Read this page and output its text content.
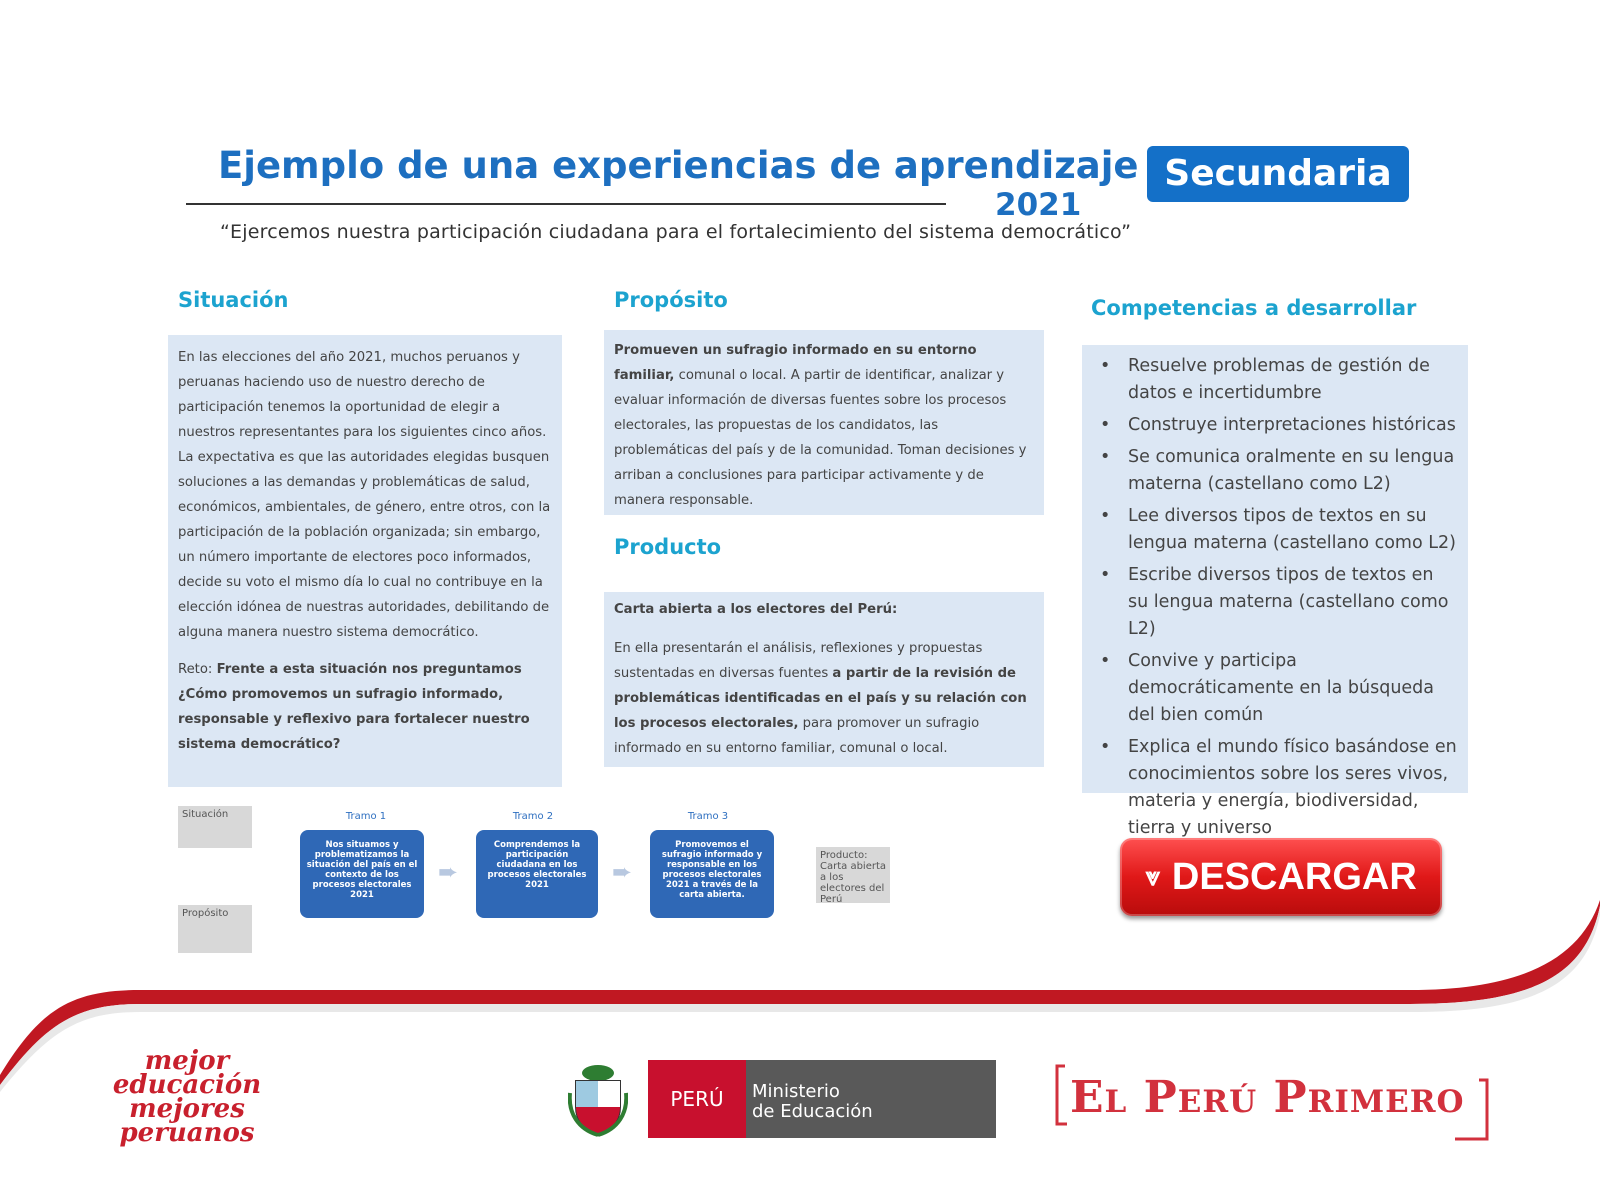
Ejemplo de una experiencias de aprendizaje
2021
Secundaria
“Ejercemos nuestra participación ciudadana para el fortalecimiento del sistema democrático”
Situación

En las elecciones del año 2021, muchos peruanos y peruanas haciendo uso de nuestro derecho de participación tenemos la oportunidad de elegir a nuestros representantes para los siguientes cinco años. La expectativa es que las autoridades elegidas busquen soluciones a las demandas y problemáticas de salud, económicos, ambientales, de género, entre otros, con la participación de la población organizada; sin embargo, un número importante de electores poco informados, decide su voto el mismo día lo cual no contribuye en la elección idónea de nuestras autoridades, debilitando de alguna manera nuestro sistema democrático.

Reto: Frente a esta situación nos preguntamos ¿Cómo promovemos un sufragio informado, responsable y reflexivo para fortalecer nuestro sistema democrático?

Propósito
Promueven un sufragio informado en su entorno familiar, comunal o local. A partir de identificar, analizar y evaluar información de diversas fuentes sobre los procesos electorales, las propuestas de los candidatos, las problemáticas del país y de la comunidad. Toman decisiones y arriban a conclusiones para participar activamente y de manera responsable.
Producto

Carta abierta a los electores del Perú:

En ella presentarán el análisis, reflexiones y propuestas sustentadas en diversas fuentes a partir de la revisión de problemáticas identificadas en el país y su relación con los procesos electorales, para promover un sufragio informado en su entorno familiar, comunal o local.

Competencias a desarrollar
• Resuelve problemas de gestión de datos e incertidumbre
• Construye interpretaciones históricas
• Se comunica oralmente en su lengua materna (castellano como L2)
• Lee diversos tipos de textos en su lengua materna (castellano como L2)
• Escribe diversos tipos de textos en su lengua materna (castellano como L2)
• Convive y participa democráticamente en la búsqueda del bien común
• Explica el mundo físico basándose en conocimientos sobre los seres vivos, materia y energía, biodiversidad, tierra y universo
Situación
Propósito
Tramo 1
Nos situamos y problematizamos la situación del país en el contexto de los procesos electorales 2021
➨
Tramo 2
Comprendemos la participación ciudadana en los procesos electorales 2021	➨
Tramo 3
Promovemos el sufragio informado y responsable en los procesos electorales 2021 a través de la carta abierta.
Producto: Carta abierta a los electores del Perú
⩔ DESCARGAR
mejor
educación
mejores
peruanos
PERÚ	Ministerio
de Educación	El Perú Primero
